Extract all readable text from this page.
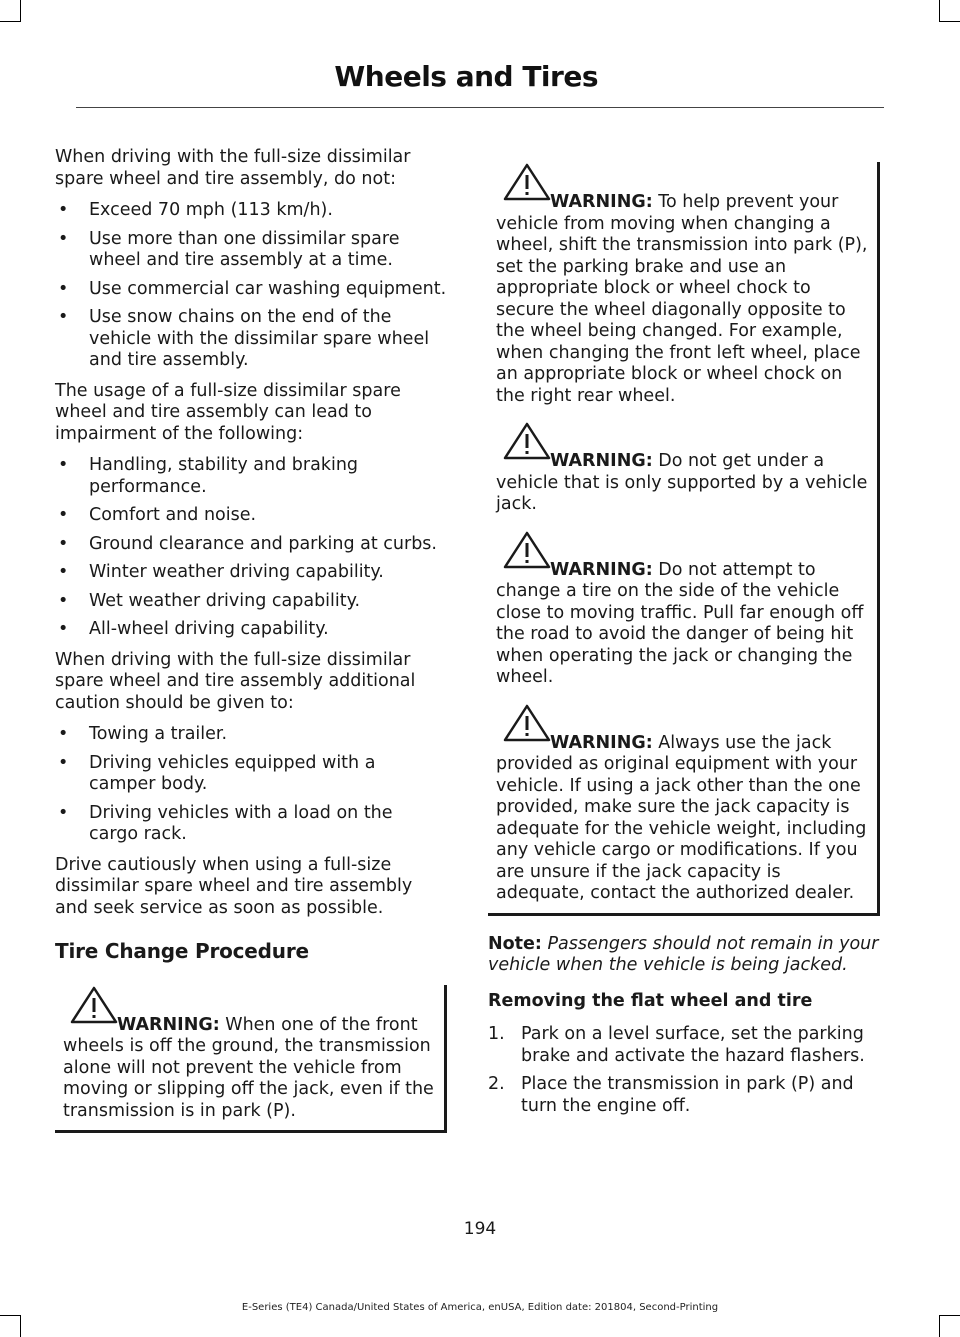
Wheels and Tires

When driving with the full-size dissimilar spare wheel and tire assembly, do not:

• Exceed 70 mph (113 km/h).
• Use more than one dissimilar spare wheel and tire assembly at a time.
• Use commercial car washing equipment.
• Use snow chains on the end of the vehicle with the dissimilar spare wheel and tire assembly.

The usage of a full-size dissimilar spare wheel and tire assembly can lead to impairment of the following:

• Handling, stability and braking performance.
• Comfort and noise.
• Ground clearance and parking at curbs.
• Winter weather driving capability.
• Wet weather driving capability.
• All-wheel driving capability.

When driving with the full-size dissimilar spare wheel and tire assembly additional caution should be given to:

• Towing a trailer.
• Driving vehicles equipped with a camper body.
• Driving vehicles with a load on the cargo rack.

Drive cautiously when using a full-size dissimilar spare wheel and tire assembly and seek service as soon as possible.

Tire Change Procedure

WARNING: When one of the front wheels is off the ground, the transmission alone will not prevent the vehicle from moving or slipping off the jack, even if the transmission is in park (P).

WARNING: To help prevent your vehicle from moving when changing a wheel, shift the transmission into park (P), set the parking brake and use an appropriate block or wheel chock to secure the wheel diagonally opposite to the wheel being changed. For example, when changing the front left wheel, place an appropriate block or wheel chock on the right rear wheel.

WARNING: Do not get under a vehicle that is only supported by a vehicle jack.

WARNING: Do not attempt to change a tire on the side of the vehicle close to moving traffic. Pull far enough off the road to avoid the danger of being hit when operating the jack or changing the wheel.

WARNING: Always use the jack provided as original equipment with your vehicle. If using a jack other than the one provided, make sure the jack capacity is adequate for the vehicle weight, including any vehicle cargo or modifications. If you are unsure if the jack capacity is adequate, contact the authorized dealer.

Note: Passengers should not remain in your vehicle when the vehicle is being jacked.

Removing the flat wheel and tire
1. Park on a level surface, set the parking brake and activate the hazard flashers.
2. Place the transmission in park (P) and turn the engine off.
194
E-Series (TE4) Canada/United States of America, enUSA, Edition date: 201804, Second-Printing
